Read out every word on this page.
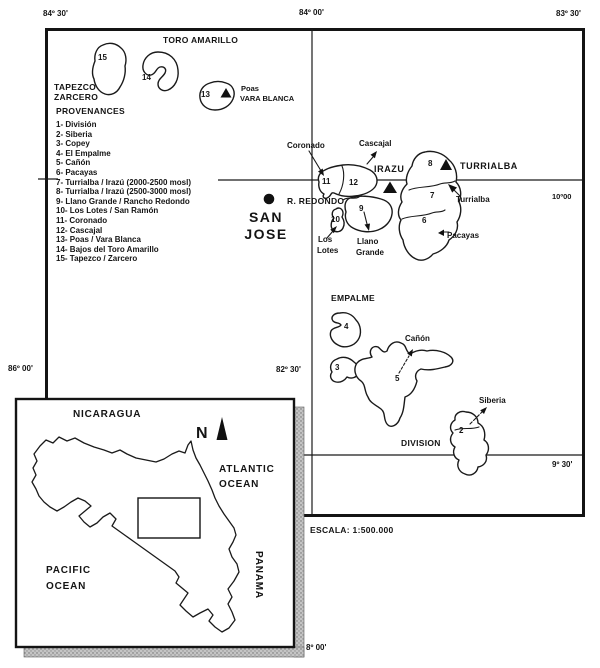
84º 30'	84º 00'	83º 30'
86º 00'
10º00
9º 30'
82º 30'
8º 00'
TORO AMARILLO
TAPEZCO
ZARCERO
Poas
VARA BLANCA
Coronado	Cascajal
IRAZU	TURRIALBA
Turrialba
R. REDONDO
SAN
JOSE	Los
Lotes
Llano
Grande
Pacayas
EMPALME
Cañón
Siberia
DIVISION
ESCALA: 1:500.000
15
14
13
11 12
8
7
9
10	6
4
3
5
2
NICARAGUA
N
ATLANTIC
OCEAN
PACIFIC
OCEAN	PANAMA
PROVENANCES
1- División
2- Siberia
3- Copey
4- El Empalme
5- Cañón
6- Pacayas
7- Turrialba / Irazú (2000-2500 mosl)
8- Turrialba / Irazú (2500-3000 mosl)
9- Llano Grande / Rancho Redondo
10- Los Lotes / San Ramón
11- Coronado
12- Cascajal
13- Poas / Vara Blanca
14- Bajos del Toro Amarillo
15- Tapezco / Zarcero
